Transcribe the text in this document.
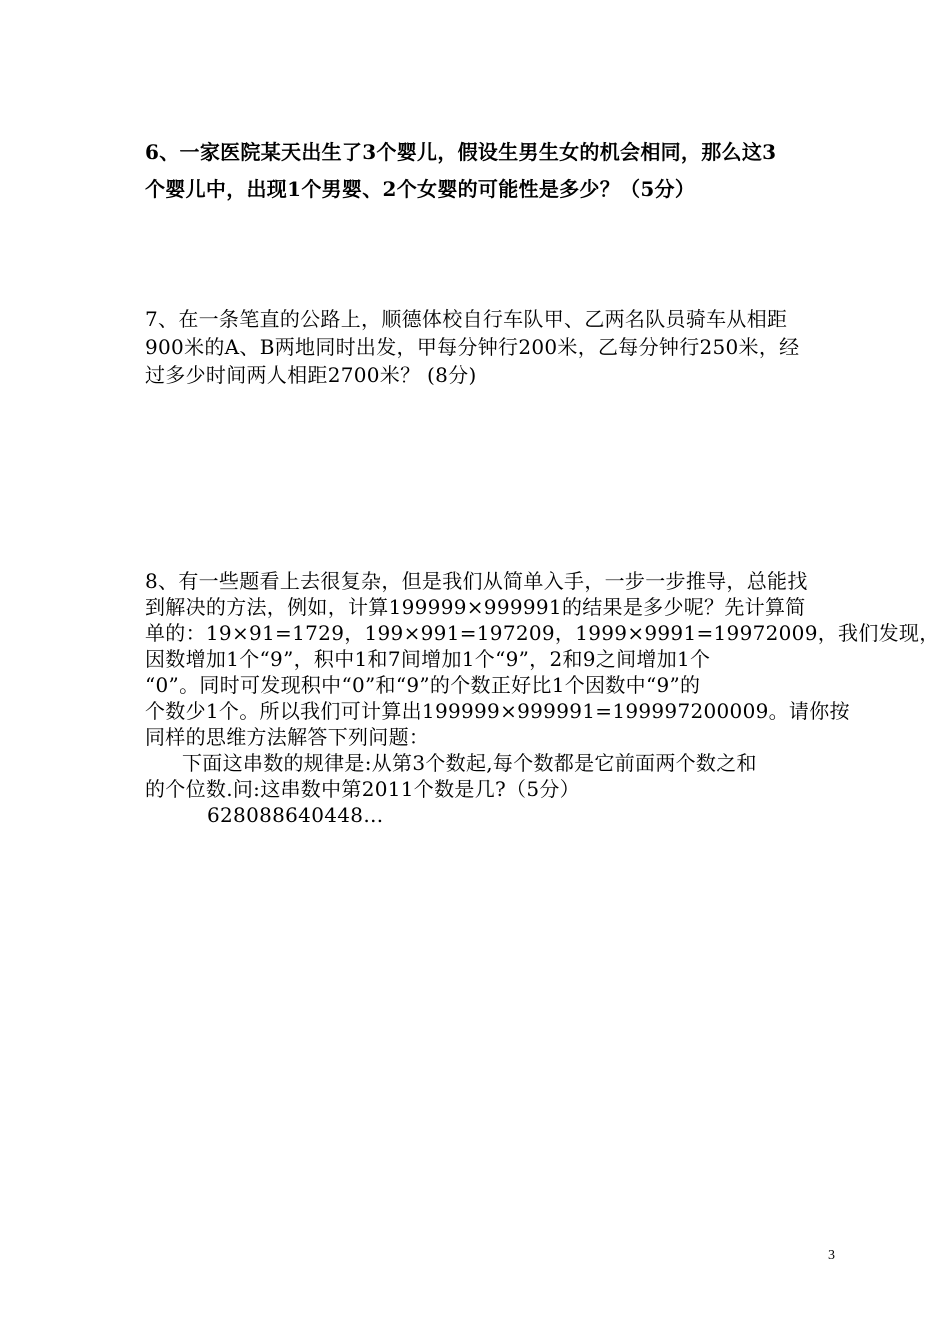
6、一家医院某天出生了3个婴儿，假设生男生女的机会相同，那么这3
个婴儿中，出现1个男婴、2个女婴的可能性是多少？（5分）
7、在一条笔直的公路上，顺德体校自行车队甲、乙两名队员骑车从相距
900米的A、B两地同时出发，甲每分钟行200米，乙每分钟行250米，经
过多少时间两人相距2700米？ (8分)
8、有一些题看上去很复杂，但是我们从简单入手，一步一步推导，总能找
到解决的方法，例如，计算199999×999991的结果是多少呢？先计算简
单的：19×91=1729，199×991=197209，1999×9991=19972009，我们发现，
因数增加1个“9”，积中1和7间增加1个“9”，2和9之间增加1个
“0”。同时可发现积中“0”和“9”的个数正好比1个因数中“9”的
个数少1个。所以我们可计算出199999×999991=199997200009。请你按
同样的思维方法解答下列问题：
下面这串数的规律是:从第3个数起,每个数都是它前面两个数之和
的个位数.问:这串数中第2011个数是几?（5分）
628088640448…
3
